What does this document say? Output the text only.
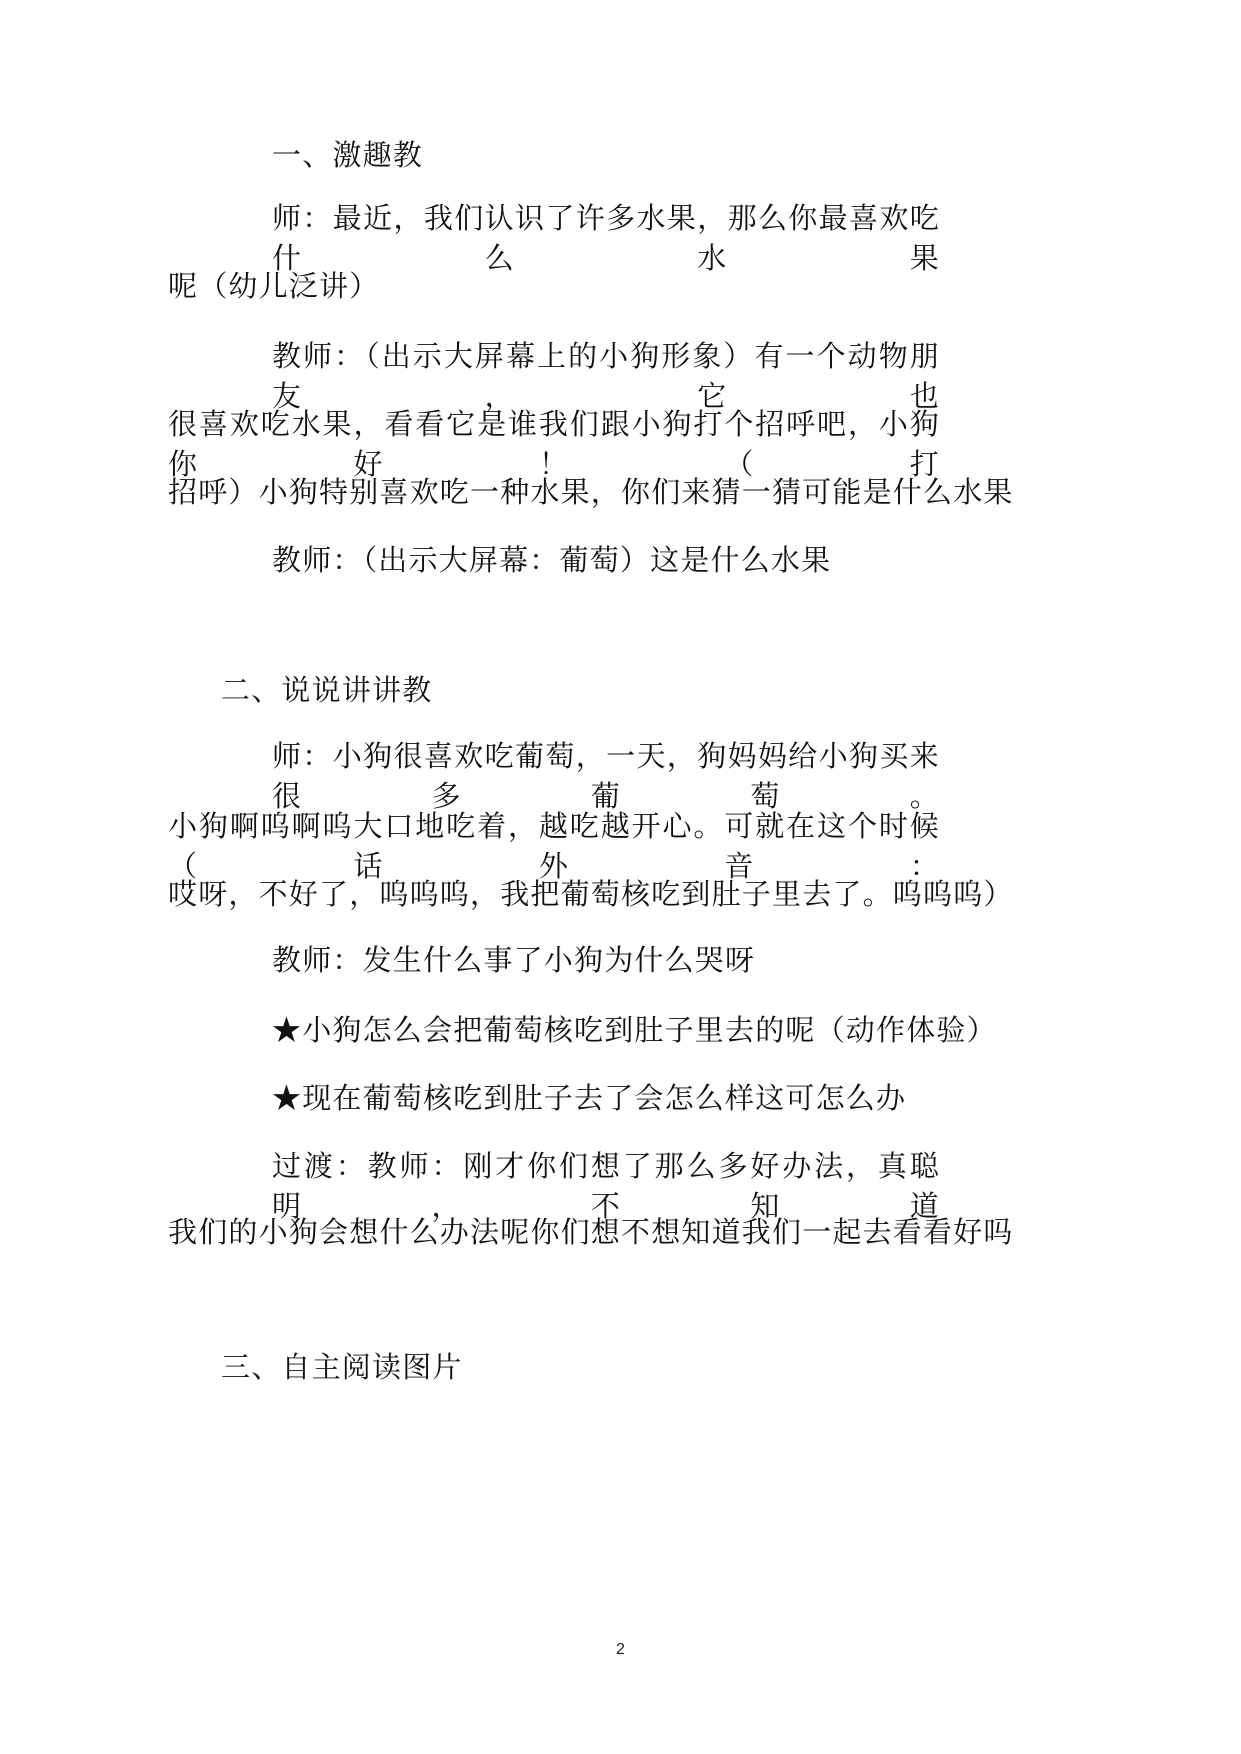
一、激趣教
师：最近，我们认识了许多水果，那么你最喜欢吃什么水果
呢（幼儿泛讲）
教师：（出示大屏幕上的小狗形象）有一个动物朋友，它也
很喜欢吃水果，看看它是谁我们跟小狗打个招呼吧，小狗你好！（打
招呼）小狗特别喜欢吃一种水果，你们来猜一猜可能是什么水果
教师：（出示大屏幕：葡萄）这是什么水果
二、说说讲讲教
师：小狗很喜欢吃葡萄，一天，狗妈妈给小狗买来很多葡萄。
小狗啊呜啊呜大口地吃着，越吃越开心。可就在这个时候（话外音：
哎呀，不好了，呜呜呜，我把葡萄核吃到肚子里去了。呜呜呜）
教师：发生什么事了小狗为什么哭呀
★小狗怎么会把葡萄核吃到肚子里去的呢（动作体验）
★现在葡萄核吃到肚子去了会怎么样这可怎么办
过渡：教师：刚才你们想了那么多好办法，真聪明，不知道
我们的小狗会想什么办法呢你们想不想知道我们一起去看看好吗
三、自主阅读图片
2
